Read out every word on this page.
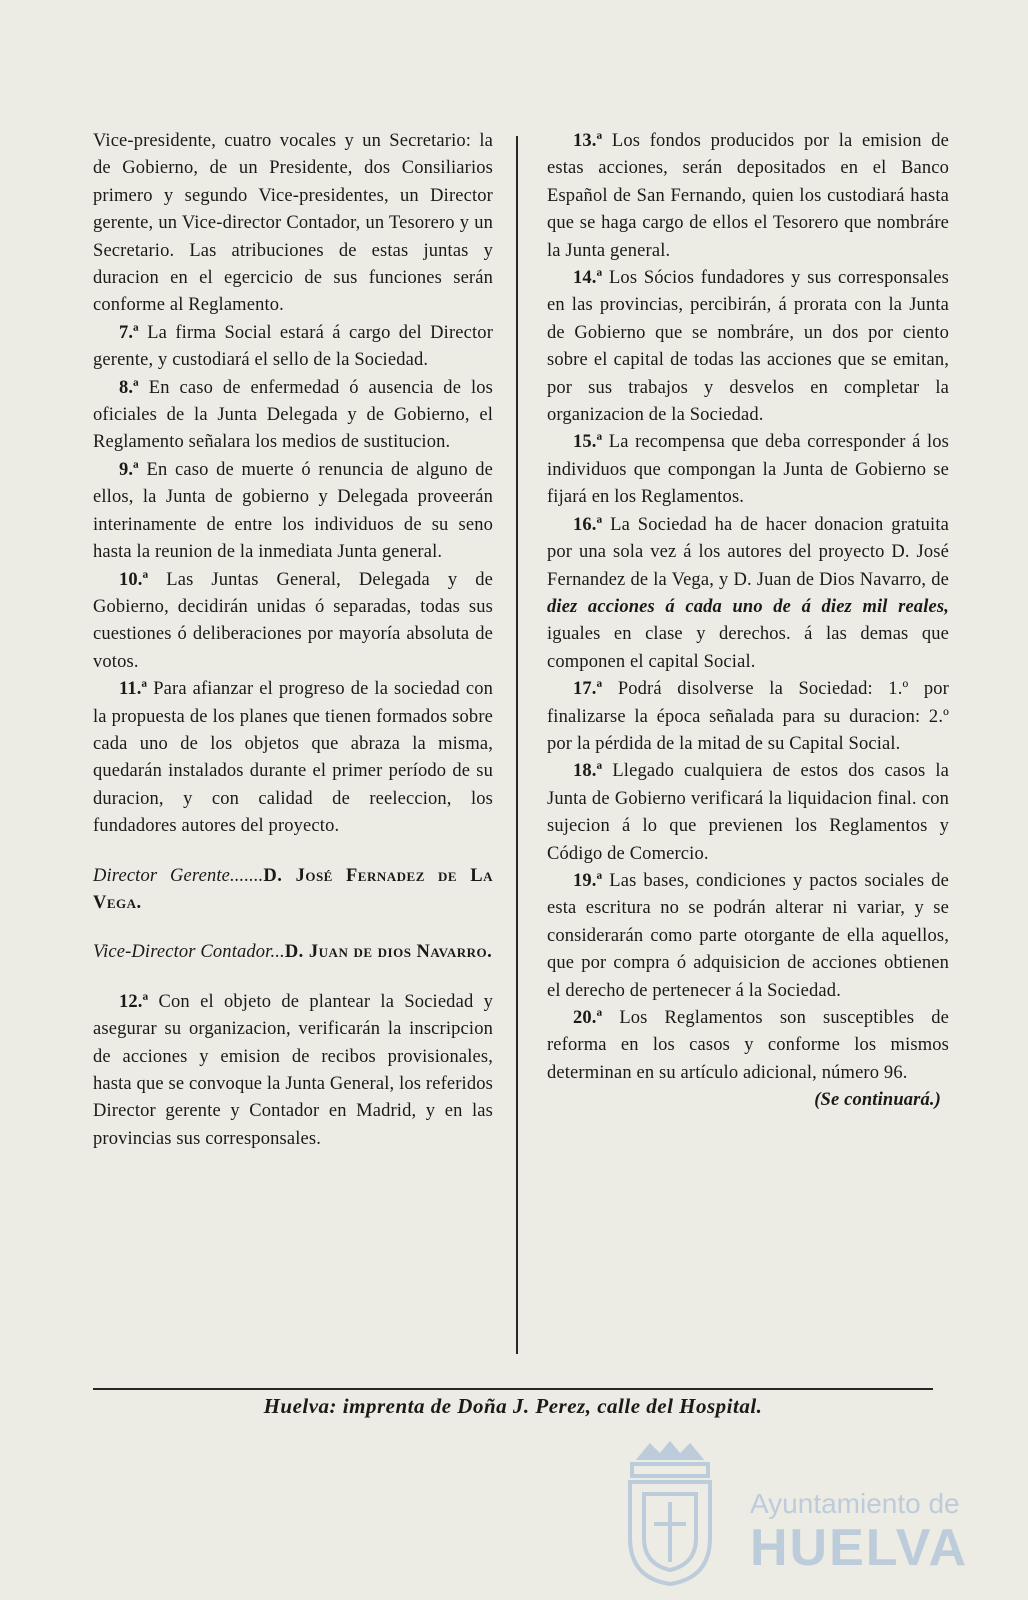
Vice-presidente, cuatro vocales y un Secretario: la de Gobierno, de un Presidente, dos Consiliarios primero y segundo Vice-presidentes, un Director gerente, un Vice-director Contador, un Tesorero y un Secretario. Las atribuciones de estas juntas y duracion en el egercicio de sus funciones serán conforme al Reglamento.

7.ª La firma Social estará á cargo del Director gerente, y custodiará el sello de la Sociedad.

8.ª En caso de enfermedad ó ausencia de los oficiales de la Junta Delegada y de Gobierno, el Reglamento señalara los medios de sustitucion.

9.ª En caso de muerte ó renuncia de alguno de ellos, la Junta de gobierno y Delegada proveerán interinamente de entre los individuos de su seno hasta la reunion de la inmediata Junta general.

10.ª Las Juntas General, Delegada y de Gobierno, decidirán unidas ó separadas, todas sus cuestiones ó deliberaciones por mayoría absoluta de votos.

11.ª Para afianzar el progreso de la sociedad con la propuesta de los planes que tienen formados sobre cada uno de los objetos que abraza la misma, quedarán instalados durante el primer período de su duracion, y con calidad de reeleccion, los fundadores autores del proyecto.

Director Gerente.......D. José Fernadez de La Vega.

Vice-Director Contador...D. Juan de dios Navarro.

12.ª Con el objeto de plantear la Sociedad y asegurar su organizacion, verificarán la inscripcion de acciones y emision de recibos provisionales, hasta que se convoque la Junta General, los referidos Director gerente y Contador en Madrid, y en las provincias sus corresponsales.

13.ª Los fondos producidos por la emision de estas acciones, serán depositados en el Banco Español de San Fernando, quien los custodiará hasta que se haga cargo de ellos el Tesorero que nombráre la Junta general.

14.ª Los Sócios fundadores y sus corresponsales en las provincias, percibirán, á prorata con la Junta de Gobierno que se nombráre, un dos por ciento sobre el capital de todas las acciones que se emitan, por sus trabajos y desvelos en completar la organizacion de la Sociedad.

15.ª La recompensa que deba corresponder á los individuos que compongan la Junta de Gobierno se fijará en los Reglamentos.

16.ª La Sociedad ha de hacer donacion gratuita por una sola vez á los autores del proyecto D. José Fernandez de la Vega, y D. Juan de Dios Navarro, de diez acciones á cada uno de á diez mil reales, iguales en clase y derechos. á las demas que componen el capital Social.

17.ª Podrá disolverse la Sociedad: 1.º por finalizarse la época señalada para su duracion: 2.º por la pérdida de la mitad de su Capital Social.

18.ª Llegado cualquiera de estos dos casos la Junta de Gobierno verificará la liquidacion final. con sujecion á lo que previenen los Reglamentos y Código de Comercio.

19.ª Las bases, condiciones y pactos sociales de esta escritura no se podrán alterar ni variar, y se considerarán como parte otorgante de ella aquellos, que por compra ó adquisicion de acciones obtienen el derecho de pertenecer á la Sociedad.

20.ª Los Reglamentos son susceptibles de reforma en los casos y conforme los mismos determinan en su artículo adicional, número 96.

(Se continuará.)

Huelva: imprenta de Doña J. Perez, calle del Hospital.
Ayuntamiento de
HUELVA
